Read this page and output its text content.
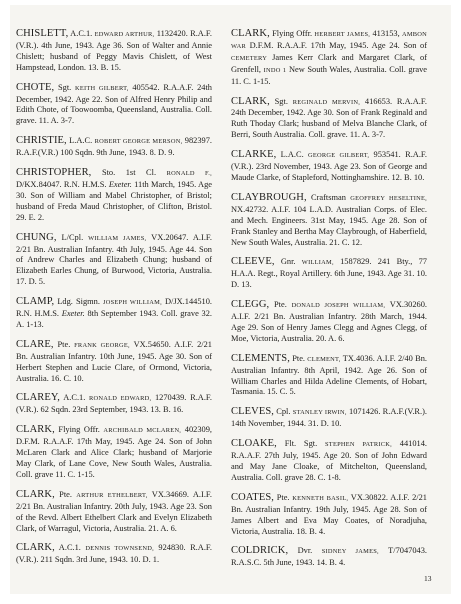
CHISLETT, A.C.1. EDWARD ARTHUR, 1132420. R.A.F.(V.R.). 4th June, 1943. Age 36. Son of Walter and Annie Chislett; husband of Peggy Mavis Chislett, of West Hampstead, London. 13. B. 15.

CHOTE, Sgt. KEITH GILBERT, 405542. R.A.A.F. 24th December, 1942. Age 22. Son of Alfred Henry Philip and Edith Chote, of Toowoomba, Queensland, Australia. Coll. grave. 11. A. 3-7.

CHRISTIE, L.A.C. ROBERT GEORGE MERSON, 982397. R.A.F.(V.R.) 100 Sqdn. 9th June, 1943. 8. D. 9.

CHRISTOPHER, Sto. 1st Cl. RONALD F., D/KX.84047. R.N. H.M.S. Exeter. 11th March, 1945. Age 30. Son of William and Mabel Christopher, of Bristol; husband of Freda Maud Christopher, of Clifton, Bristol. 29. E. 2.

CHUNG, L/Cpl. WILLIAM JAMES, VX.20647. A.I.F. 2/21 Bn. Australian Infantry. 4th July, 1945. Age 44. Son of Andrew Charles and Elizabeth Chung; husband of Elizabeth Earles Chung, of Burwood, Victoria, Australia. 17. D. 5.

CLAMP, Ldg. Sigmn. JOSEPH WILLIAM, D/JX.144510. R.N. H.M.S. Exeter. 8th September 1943. Coll. grave 32. A. 1-13.

CLARE, Pte. FRANK GEORGE, VX.54650. A.I.F. 2/21 Bn. Australian Infantry. 10th June, 1945. Age 30. Son of Herbert Stephen and Lucie Clare, of Ormond, Victoria, Australia. 16. C. 10.

CLAREY, A.C.1. RONALD EDWARD, 1270439. R.A.F.(V.R.). 62 Sqdn. 23rd September, 1943. 13. B. 16.

CLARK, Flying Offr. ARCHIBALD MCLAREN, 402309, D.F.M. R.A.A.F. 17th May, 1945. Age 24. Son of John McLaren Clark and Alice Clark; husband of Marjorie May Clark, of Lane Cove, New South Wales, Australia. Coll. grave 11. C. 1-15.

CLARK, Pte. ARTHUR ETHELBERT, VX.34669. A.I.F. 2/21 Bn. Australian Infantry. 20th July, 1943. Age 23. Son of the Revd. Albert Ethelbert Clark and Evelyn Elizabeth Clark, of Warragul, Victoria, Australia. 21. A. 6.

CLARK, A.C.1. DENNIS TOWNSEND, 924830. R.A.F.(V.R.). 211 Sqdn. 3rd June, 1943. 10. D. 1.

CLARK, Flying Offr. HERBERT JAMES, 413153, AMBON WAR D.F.M. R.A.A.F. 17th May, 1945. Age 24. Son of CEMETERY James Kerr Clark and Margaret Clark, of Grenfell, INDO 1 New South Wales, Australia. Coll. grave 11. C. 1-15.

CLARK, Sgt. REGINALD MERVIN, 416653. R.A.A.F. 24th December, 1942. Age 30. Son of Frank Reginald and Ruth Thoday Clark; husband of Melva Blanche Clark, of Berri, South Australia. Coll. grave. 11. A. 3-7.

CLARKE, L.A.C. GEORGE GILBERT, 953541. R.A.F.(V.R.). 23rd November, 1943. Age 23. Son of George and Maude Clarke, of Stapleford, Nottinghamshire. 12. B. 10.

CLAYBROUGH, Craftsman GEOFFREY HESELTINE, NX.42732. A.I.F. 104 L.A.D. Australian Corps. of Elec. and Mech. Engineers. 31st May, 1945. Age 28. Son of Frank Stanley and Bertha May Claybrough, of Haberfield, New South Wales, Australia. 21. C. 12.

CLEEVE, Gnr. WILLIAM, 1587829. 241 Bty., 77 H.A.A. Regt., Royal Artillery. 6th June, 1943. Age 31. 10. D. 13.

CLEGG, Pte. DONALD JOSEPH WILLIAM, VX.30260. A.I.F. 2/21 Bn. Australian Infantry. 28th March, 1944. Age 29. Son of Henry James Clegg and Agnes Clegg, of Moe, Victoria, Australia. 20. A. 6.

CLEMENTS, Pte. CLEMENT, TX.4036. A.I.F. 2/40 Bn. Australian Infantry. 8th April, 1942. Age 26. Son of William Charles and Hilda Adeline Clements, of Hobart, Tasmania. 15. C. 5.

CLEVES, Cpl. STANLEY IRWIN, 1071426. R.A.F.(V.R.). 14th November, 1944. 31. D. 10.

CLOAKE, Flt. Sgt. STEPHEN PATRICK, 441014. R.A.A.F. 27th July, 1945. Age 20. Son of John Edward and May Jane Cloake, of Mitchelton, Queensland, Australia. Coll. grave 28. C. 1-8.

COATES, Pte. KENNETH BASIL, VX.30822. A.I.F. 2/21 Bn. Australian Infantry. 19th July, 1945. Age 28. Son of James Albert and Eva May Coates, of Noradjuha, Victoria, Australia. 18. B. 4.

COLDRICK, Dvr. SIDNEY JAMES, T/7047043. R.A.S.C. 5th June, 1943. 14. B. 4.

13
